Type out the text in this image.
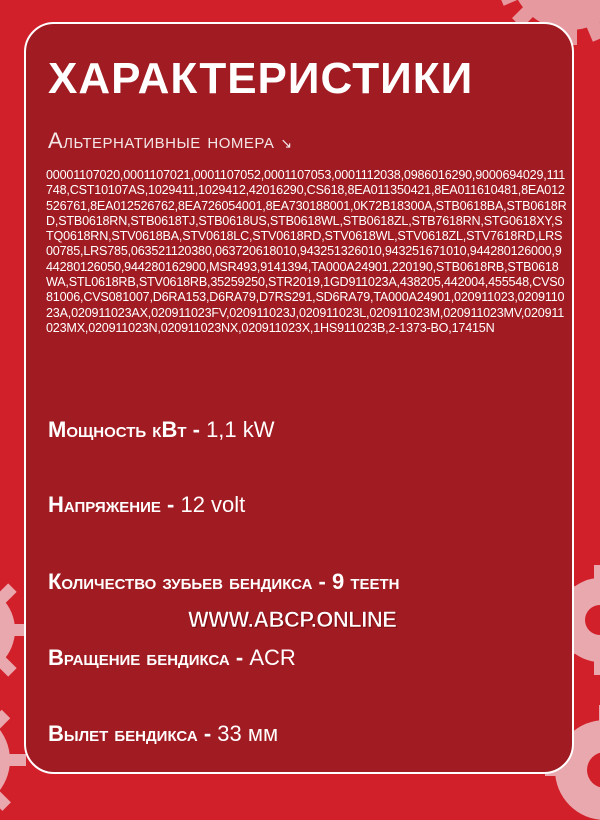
ХАРАКТЕРИСТИКИ
Альтернативные номера ↘
00001107020,0001107021,0001107052,0001107053,0001112038,0986016290,9000694029,111748,CST10107AS,1029411,1029412,42016290,CS618,8EA011350421,8EA011610481,8EA012526761,8EA012526762,8EA726054001,8EA730188001,0K72B18300A,STB0618BA,STB0618RD,STB0618RN,STB0618TJ,STB0618US,STB0618WL,STB0618ZL,STB7618RN,STG0618XY,STQ0618RN,STV0618BA,STV0618LC,STV0618RD,STV0618WL,STV0618ZL,STV7618RD,LRS00785,LRS785,063521120380,063720618010,943251326010,943251671010,944280126000,944280126050,944280162900,MSR493,9141394,TA000A24901,220190,STB0618RB,STB0618WA,STL0618RB,STV0618RB,35259250,STR2019,1GD911023A,438205,442004,455548,CVS081006,CVS081007,D6RA153,D6RA79,D7RS291,SD6RA79,TA000A24901,020911023,020911023A,020911023AX,020911023FV,020911023J,020911023L,020911023M,020911023MV,020911023MX,020911023N,020911023NX,020911023X,1HS911023B,2-1373-BO,17415N
Мощность кВт - 1,1 kW
Напряжение - 12 volt
Количество зубьев бендикса - 9 teeth
Вращение бендикса - ACR
Вылет бендикса - 33 мм
WWW.ABCP.ONLINE
